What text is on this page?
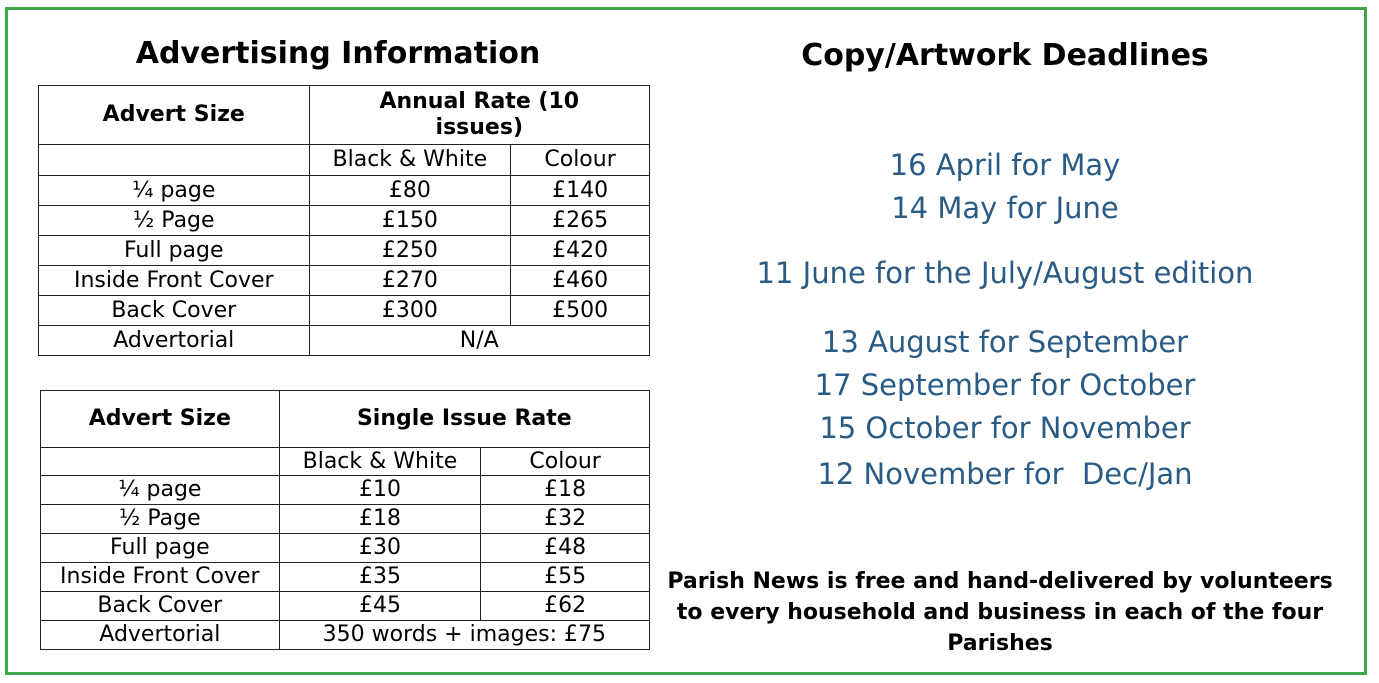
Advertising Information
Advert Size	Annual Rate (10 issues)	
	Black & White	Colour
¼ page	£80	£140
½ Page	£150	£265
Full page	£250	£420
Inside Front Cover	£270	£460
Back Cover	£300	£500
Advertorial	N/A	
Advert Size	Single Issue Rate	
	Black & White	Colour
¼ page	£10	£18
½ Page	£18	£32
Full page	£30	£48
Inside Front Cover	£35	£55
Back Cover	£45	£62
Advertorial	350 words + images: £75	
Copy/Artwork Deadlines
16 April for May
14 May for June
11 June for the July/August edition
13 August for September
17 September for October
15 October for November
12 November for  Dec/Jan
Parish News is free and hand-delivered by volunteers to every household and business in each of the four Parishes
